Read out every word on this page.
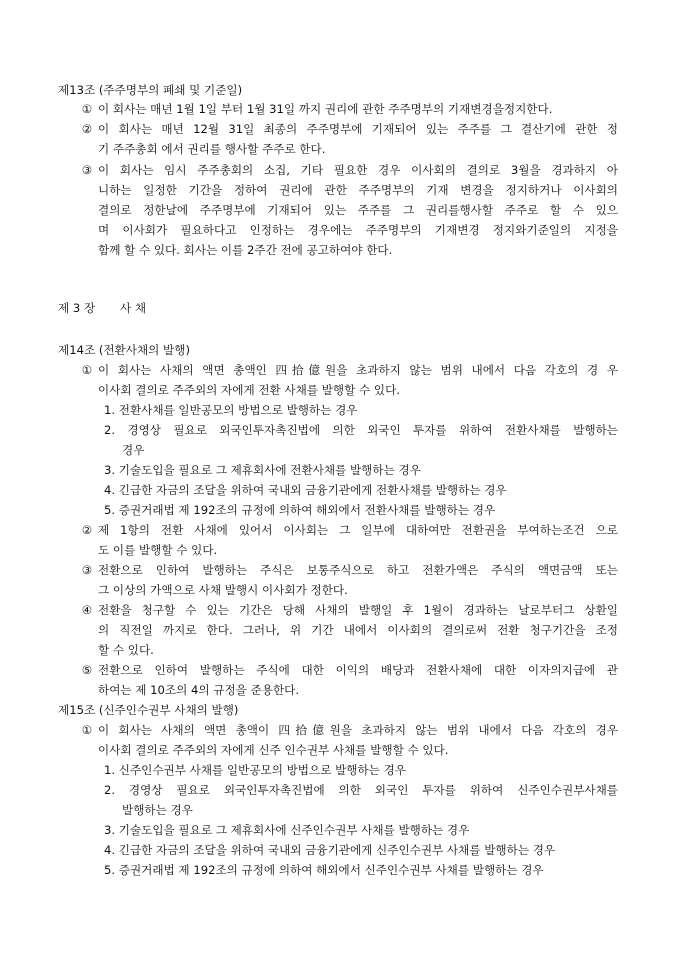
제13조 (주주명부의 폐쇄 및 기준일)
① 이 회사는 매년 1월 1일 부터 1월 31일 까지 권리에 관한 주주명부의 기재변경을정지한다.
② 이 회사는 매년 12월 31일 최종의 주주명부에 기재되어 있는 주주를 그 결산기에 관한 정
기 주주총회 에서 권리를 행사할 주주로 한다.
③ 이 회사는 임시 주주총회의 소집, 기타 필요한 경우 이사회의 결의로 3월을 경과하지 아
니하는 일정한 기간을 정하여 권리에 관한 주주명부의 기재 변경을 정지하거나 이사회의
결의로 정한날에 주주명부에 기재되어 있는 주주를 그 권리를행사할 주주로 할 수 있으
며 이사회가 필요하다고 인정하는 경우에는 주주명부의 기재변경 정지와기준일의 지정을
함께 할 수 있다. 회사는 이를 2주간 전에 공고하여야 한다.
제 3 장 사 채
제14조 (전환사채의 발행)
① 이 회사는 사채의 액면 총액인 四拾億원을 초과하지 않는 범위 내에서 다음 각호의 경 우
이사회 결의로 주주외의 자에게 전환 사채를 발행할 수 있다.
1. 전환사채를 일반공모의 방법으로 발행하는 경우
2. 경영상 필요로 외국인투자촉진법에 의한 외국인 투자를 위하여 전환사채를 발행하는
경우
3. 기술도입을 필요로 그 제휴회사에 전환사채를 발행하는 경우
4. 긴급한 자금의 조달을 위하여 국내외 금융기관에게 전환사채를 발행하는 경우
5. 증권거래법 제 192조의 규정에 의하여 해외에서 전환사채를 발행하는 경우
② 제 1항의 전환 사채에 있어서 이사회는 그 일부에 대하여만 전환권을 부여하는조건 으로
도 이를 발행할 수 있다.
③ 전환으로 인하여 발행하는 주식은 보통주식으로 하고 전환가액은 주식의 액면금액 또는
그 이상의 가액으로 사채 발행시 이사회가 정한다.
④ 전환을 청구할 수 있는 기간은 당해 사채의 발행일 후 1월이 경과하는 날로부터그 상환일
의 직전일 까지로 한다. 그러나, 위 기간 내에서 이사회의 결의로써 전환 청구기간을 조정
할 수 있다.
⑤ 전환으로 인하여 발행하는 주식에 대한 이익의 배당과 전환사채에 대한 이자의지급에 관
하여는 제 10조의 4의 규정을 준용한다.
제15조 (신주인수권부 사채의 발행)
① 이 회사는 사채의 액면 총액이 四拾億원을 초과하지 않는 범위 내에서 다음 각호의 경우
이사회 결의로 주주외의 자에게 신주 인수권부 사채를 발행할 수 있다.
1. 신주인수권부 사채를 일반공모의 방법으로 발행하는 경우
2. 경영상 필요로 외국인투자촉진법에 의한 외국인 투자를 위하여 신주인수권부사채를
발행하는 경우
3. 기술도입을 필요로 그 제휴회사에 신주인수권부 사채를 발행하는 경우
4. 긴급한 자금의 조달을 위하여 국내외 금융기관에게 신주인수권부 사채를 발행하는 경우
5. 증권거래법 제 192조의 규정에 의하여 해외에서 신주인수권부 사채를 발행하는 경우
